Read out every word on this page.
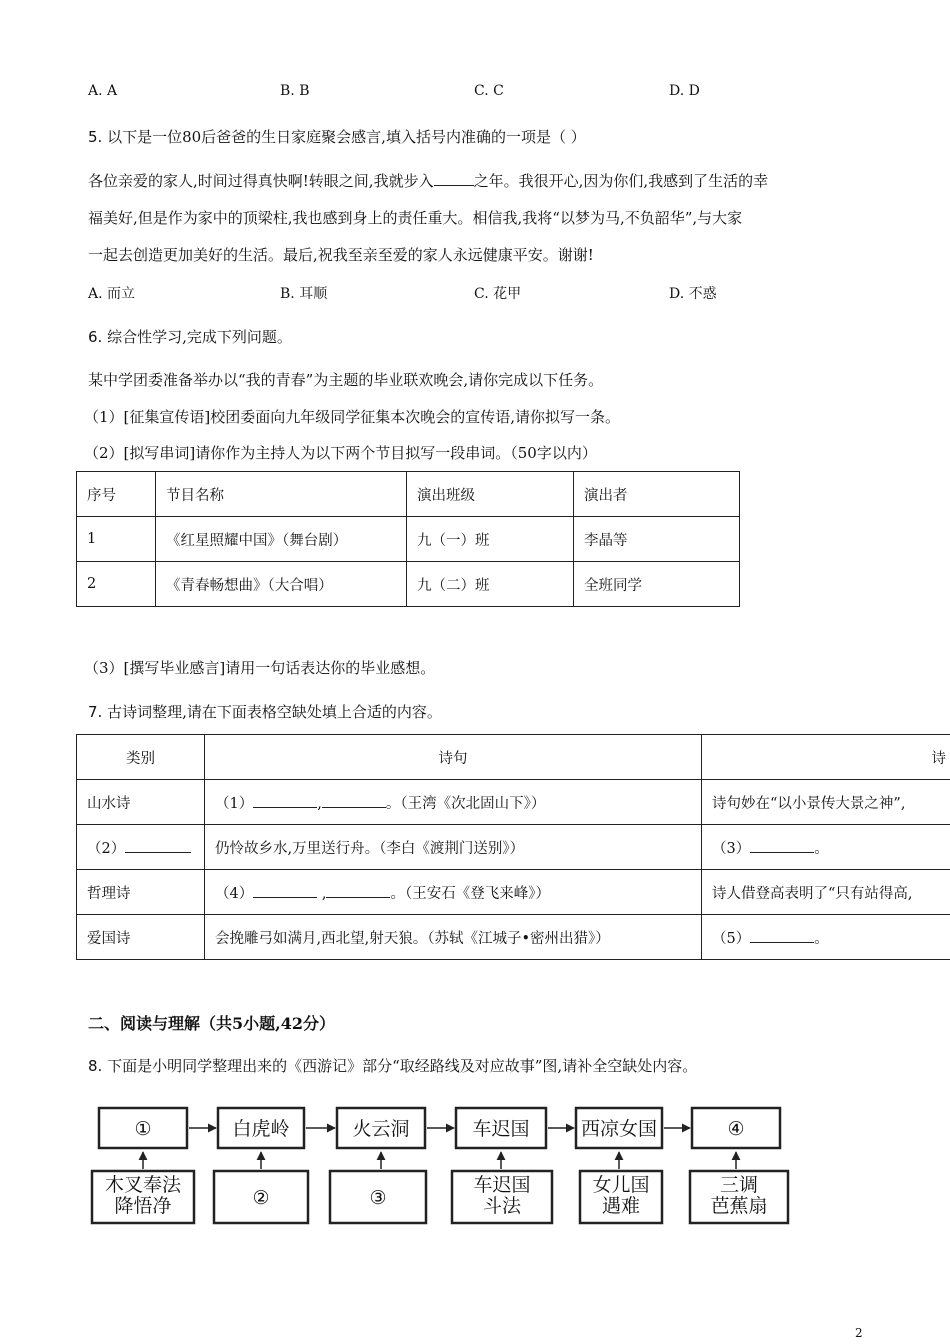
A. A	B. B	C. C	D. D
5. 以下是一位80后爸爸的生日家庭聚会感言,填入括号内准确的一项是（ ）
各位亲爱的家人,时间过得真快啊!转眼之间,我就步入	之年。我很开心,因为你们,我感到了生活的幸
福美好,但是作为家中的顶梁柱,我也感到身上的责任重大。相信我,我将“以梦为马,不负韶华”,与大家
一起去创造更加美好的生活。最后,祝我至亲至爱的家人永远健康平安。谢谢!
A. 而立	B. 耳顺	C. 花甲	D. 不惑
6. 综合性学习,完成下列问题。
某中学团委准备举办以“我的青春”为主题的毕业联欢晚会,请你完成以下任务。
（1）[征集宣传语]校团委面向九年级同学征集本次晚会的宣传语,请你拟写一条。
（2）[拟写串词]请你作为主持人为以下两个节目拟写一段串词。（50字以内）
序号	节目名称	演出班级	演出者
1	《红星照耀中国》（舞台剧）	九（一）班	李晶等
2	《青春畅想曲》（大合唱）	九（二）班	全班同学
（3）[撰写毕业感言]请用一句话表达你的毕业感想。
7. 古诗词整理,请在下面表格空缺处填上合适的内容。
类别	诗句	诗
山水诗	（1） , 。（王湾《次北固山下》）	诗句妙在“以小景传大景之神”,
（2）	仍怜故乡水,万里送行舟。（李白《渡荆门送别》）	（3） 。
哲理诗	（4） , 。（王安石《登飞来峰》）	诗人借登高表明了“只有站得高,
爱国诗	会挽雕弓如满月,西北望,射天狼。（苏轼《江城子•密州出猎》）	（5） 。
二、阅读与理解（共5小题,42分）
8. 下面是小明同学整理出来的《西游记》部分“取经路线及对应故事”图,请补全空缺处内容。
①	白虎岭	火云洞	车迟国	西凉女国	④
木叉奉法
降悟净	②	③
车迟国
斗法
女儿国
遇难
三调
芭蕉扇
2
